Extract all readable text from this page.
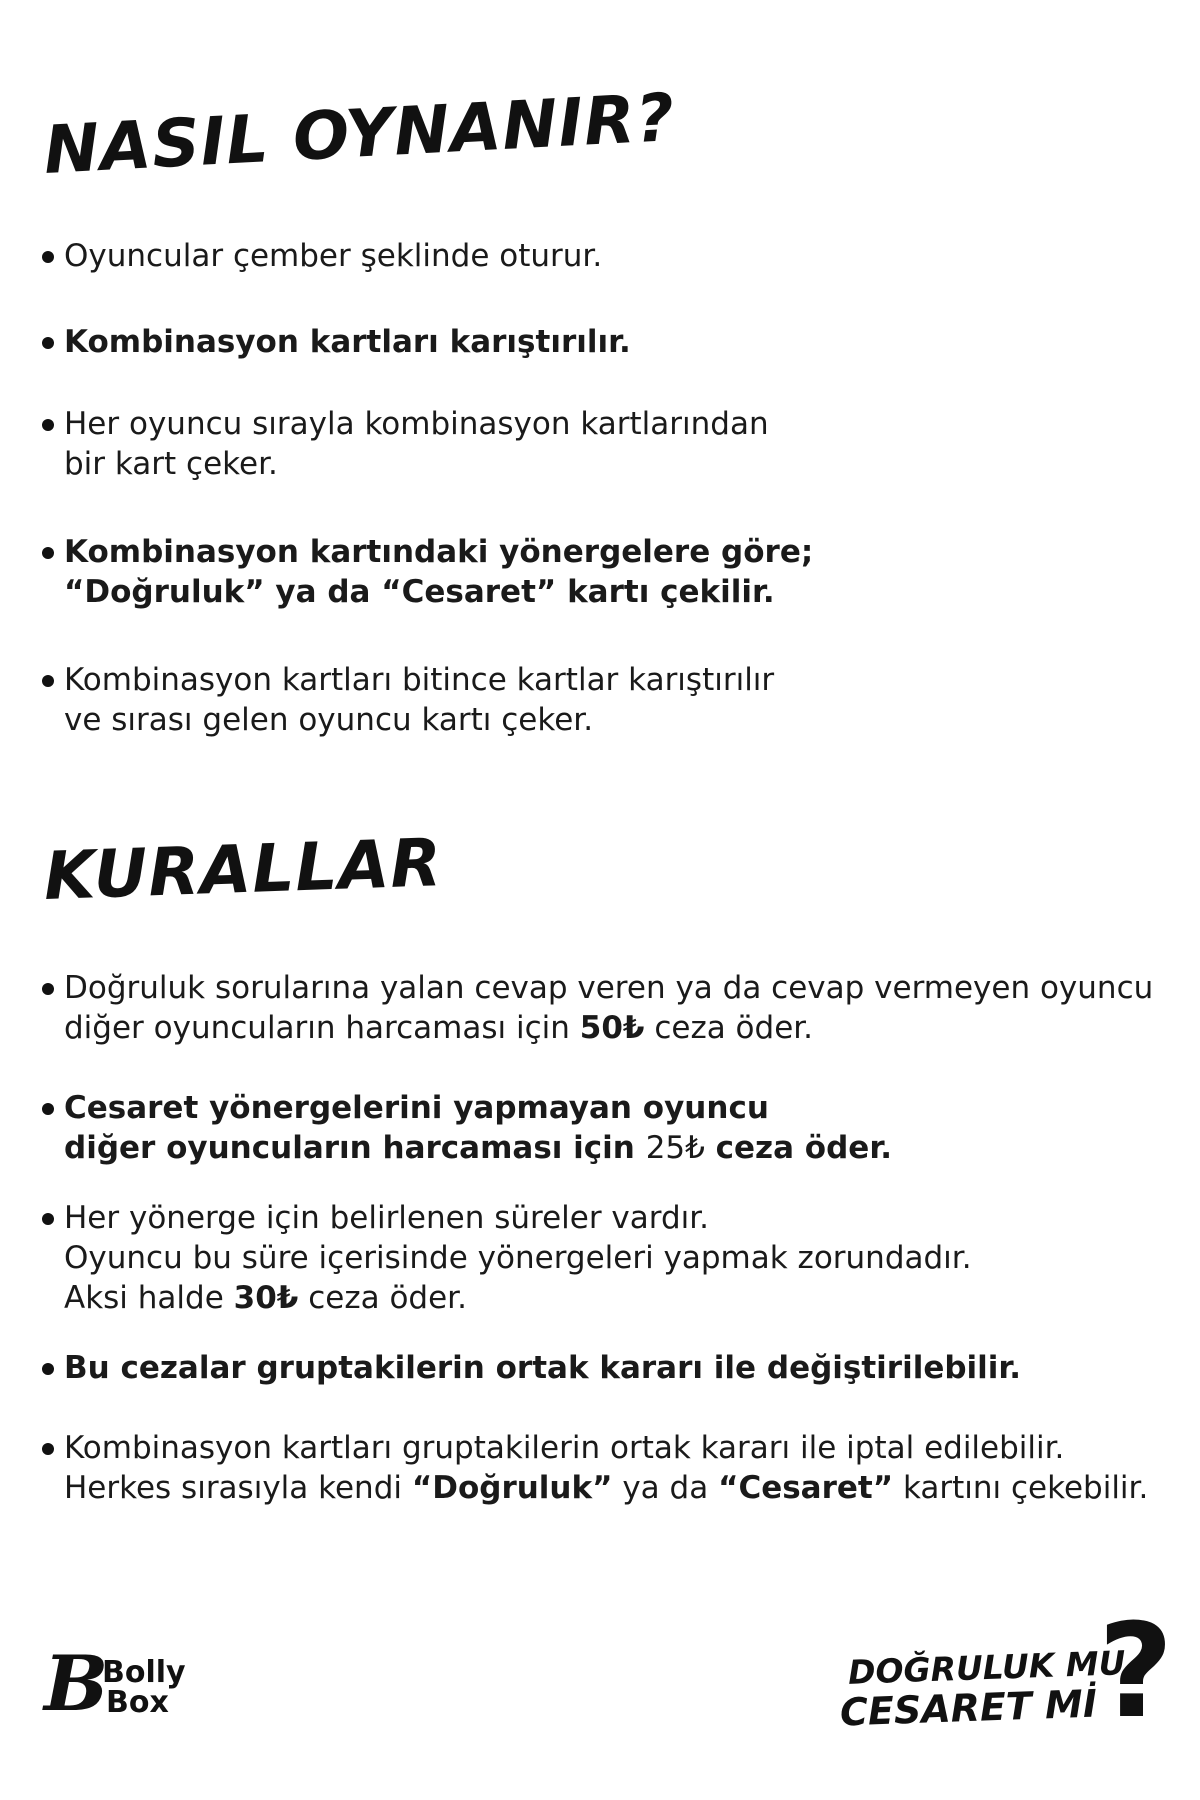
NASIL OYNANIR?
Oyuncular çember şeklinde oturur.
Kombinasyon kartları karıştırılır.
Her oyuncu sırayla kombinasyon kartlarından
bir kart çeker.
Kombinasyon kartındaki yönergelere göre;
“Doğruluk” ya da “Cesaret” kartı çekilir.
Kombinasyon kartları bitince kartlar karıştırılır
ve sırası gelen oyuncu kartı çeker.
KURALLAR
Doğruluk sorularına yalan cevap veren ya da cevap vermeyen oyuncu
diğer oyuncuların harcaması için 50₺ ceza öder.
Cesaret yönergelerini yapmayan oyuncu
diğer oyuncuların harcaması için 25₺ ceza öder.
Her yönerge için belirlenen süreler vardır.
Oyuncu bu süre içerisinde yönergeleri yapmak zorundadır.
Aksi halde 30₺ ceza öder.
Bu cezalar gruptakilerin ortak kararı ile değiştirilebilir.
Kombinasyon kartları gruptakilerin ortak kararı ile iptal edilebilir.
Herkes sırasıyla kendi “Doğruluk” ya da “Cesaret” kartını çekebilir.
B
Bolly
Box	?
DOĞRULUK MU
CESARET Mİ
